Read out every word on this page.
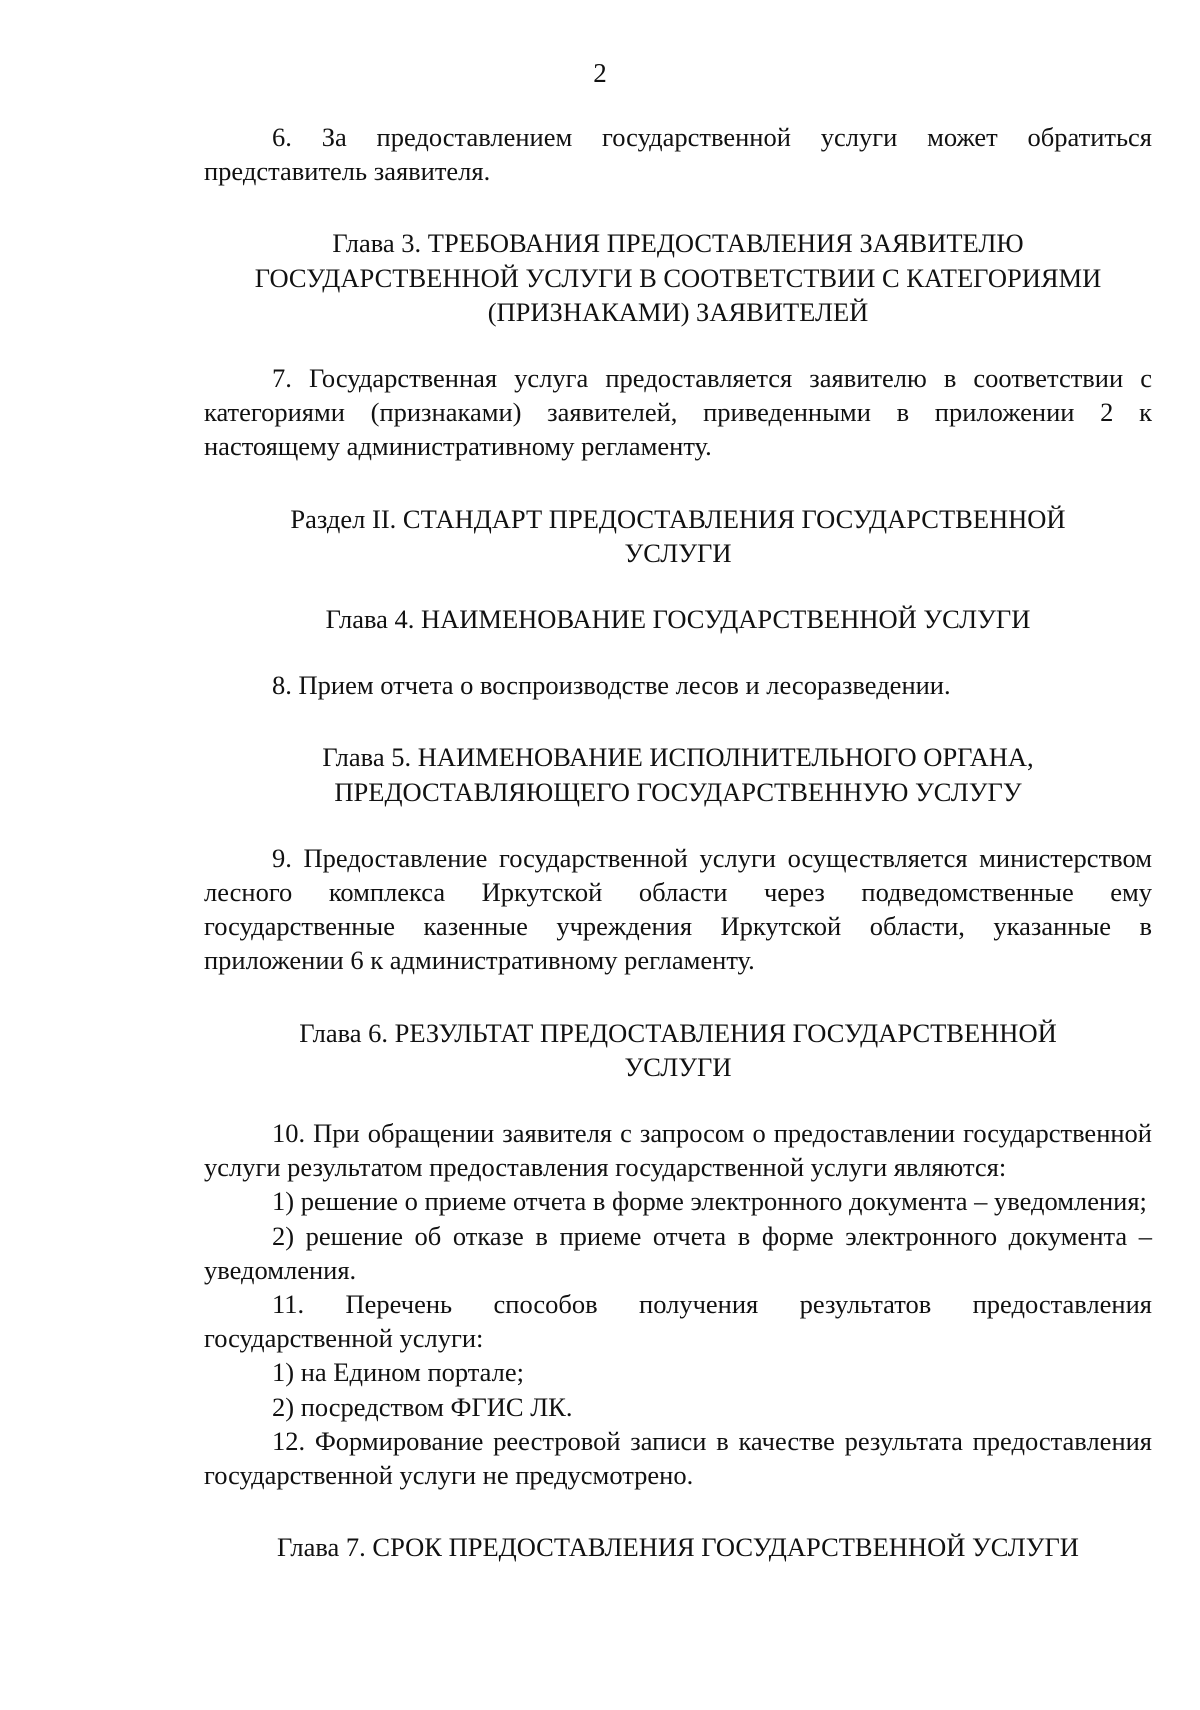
2

6. За предоставлением государственной услуги может обратиться представитель заявителя.

Глава 3. ТРЕБОВАНИЯ ПРЕДОСТАВЛЕНИЯ ЗАЯВИТЕЛЮ
ГОСУДАРСТВЕННОЙ УСЛУГИ В СООТВЕТСТВИИ С КАТЕГОРИЯМИ
(ПРИЗНАКАМИ) ЗАЯВИТЕЛЕЙ

7. Государственная услуга предоставляется заявителю в соответствии с категориями (признаками) заявителей, приведенными в приложении 2 к настоящему административному регламенту.

Раздел II. СТАНДАРТ ПРЕДОСТАВЛЕНИЯ ГОСУДАРСТВЕННОЙ
УСЛУГИ
Глава 4. НАИМЕНОВАНИЕ ГОСУДАРСТВЕННОЙ УСЛУГИ

8. Прием отчета о воспроизводстве лесов и лесоразведении.

Глава 5. НАИМЕНОВАНИЕ ИСПОЛНИТЕЛЬНОГО ОРГАНА,
ПРЕДОСТАВЛЯЮЩЕГО ГОСУДАРСТВЕННУЮ УСЛУГУ

9. Предоставление государственной услуги осуществляется министерством лесного комплекса Иркутской области через подведомственные ему государственные казенные учреждения Иркутской области, указанные в приложении 6 к административному регламенту.

Глава 6. РЕЗУЛЬТАТ ПРЕДОСТАВЛЕНИЯ ГОСУДАРСТВЕННОЙ
УСЛУГИ

10. При обращении заявителя с запросом о предоставлении государственной услуги результатом предоставления государственной услуги являются:

1) решение о приеме отчета в форме электронного документа – уведомления;

2) решение об отказе в приеме отчета в форме электронного документа – уведомления.

11. Перечень способов получения результатов предоставления государственной услуги:

1) на Едином портале;

2) посредством ФГИС ЛК.

12. Формирование реестровой записи в качестве результата предоставления государственной услуги не предусмотрено.

Глава 7. СРОК ПРЕДОСТАВЛЕНИЯ ГОСУДАРСТВЕННОЙ УСЛУГИ
